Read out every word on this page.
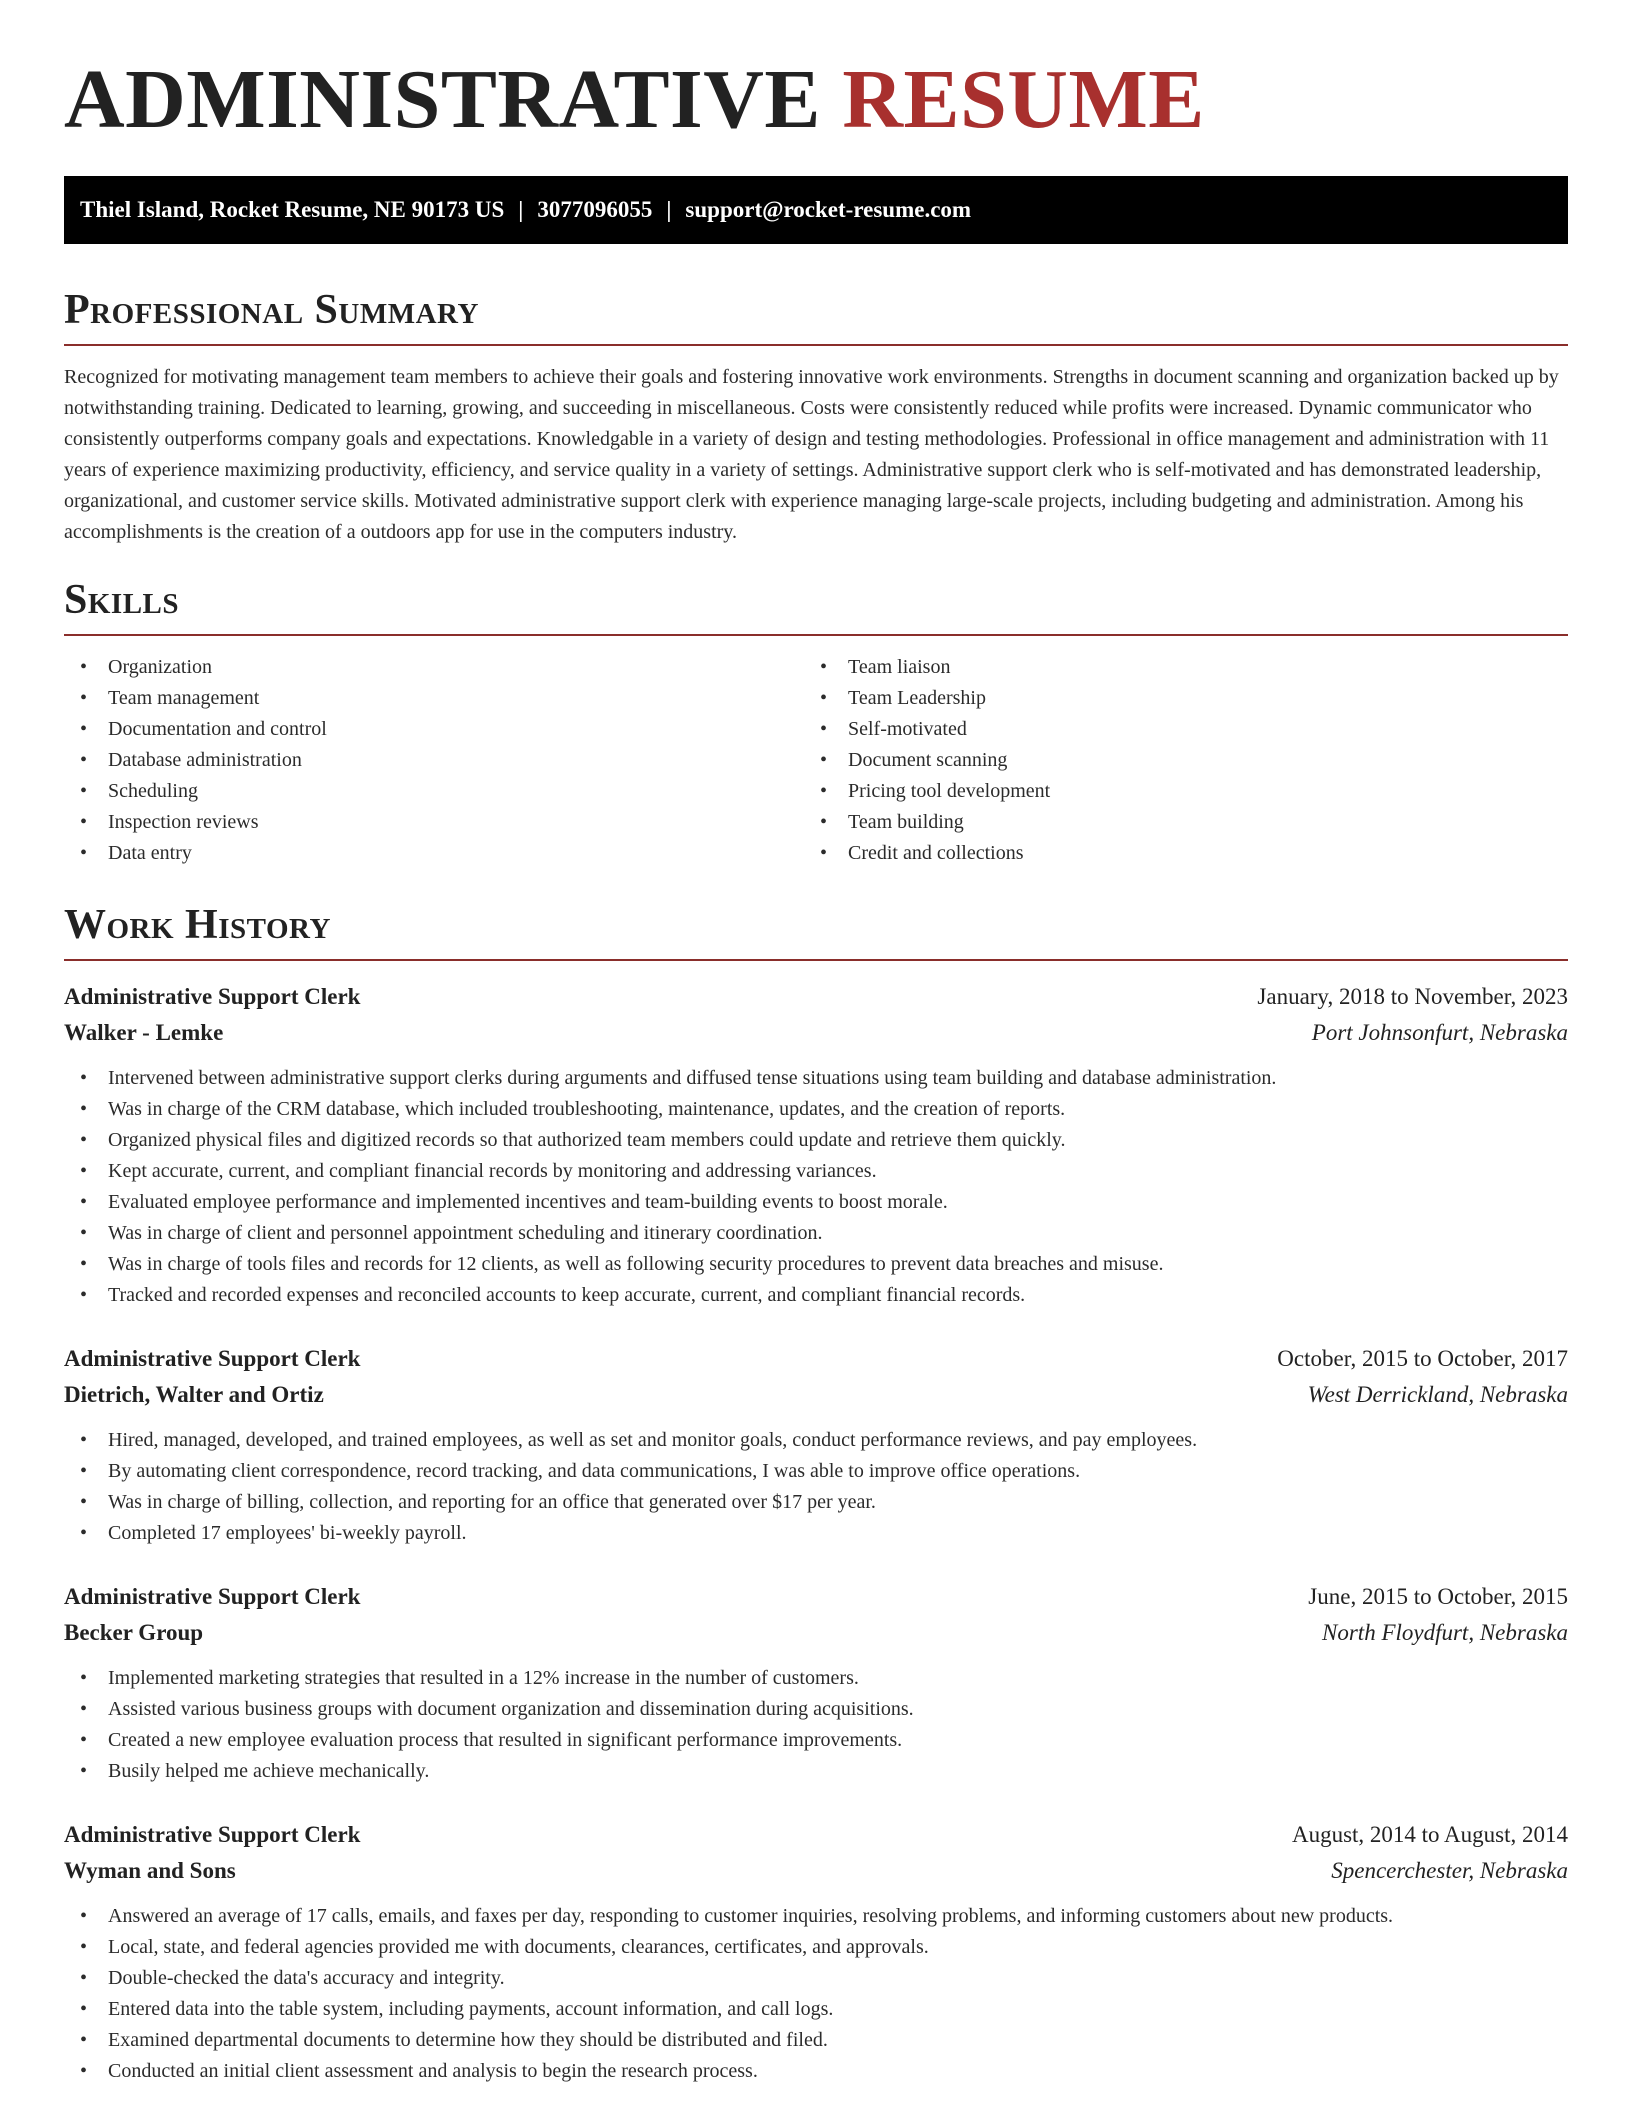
ADMINISTRATIVE RESUME
Thiel Island, Rocket Resume, NE 90173 US | 3077096055 | support@rocket-resume.com
Professional Summary

Recognized for motivating management team members to achieve their goals and fostering innovative work environments. Strengths in document scanning and organization backed up by notwithstanding training. Dedicated to learning, growing, and succeeding in miscellaneous. Costs were consistently reduced while profits were increased. Dynamic communicator who consistently outperforms company goals and expectations. Knowledgable in a variety of design and testing methodologies. Professional in office management and administration with 11 years of experience maximizing productivity, efficiency, and service quality in a variety of settings. Administrative support clerk who is self-motivated and has demonstrated leadership, organizational, and customer service skills. Motivated administrative support clerk with experience managing large-scale projects, including budgeting and administration. Among his accomplishments is the creation of a outdoors app for use in the computers industry.

Skills
• Organization
• Team management
• Documentation and control
• Database administration
• Scheduling
• Inspection reviews
• Data entry
• Team liaison
• Team Leadership
• Self-motivated
• Document scanning
• Pricing tool development
• Team building
• Credit and collections
Work History
Administrative Support Clerk	January, 2018 to November, 2023
Walker - Lemke	Port Johnsonfurt, Nebraska
• Intervened between administrative support clerks during arguments and diffused tense situations using team building and database administration.
• Was in charge of the CRM database, which included troubleshooting, maintenance, updates, and the creation of reports.
• Organized physical files and digitized records so that authorized team members could update and retrieve them quickly.
• Kept accurate, current, and compliant financial records by monitoring and addressing variances.
• Evaluated employee performance and implemented incentives and team-building events to boost morale.
• Was in charge of client and personnel appointment scheduling and itinerary coordination.
• Was in charge of tools files and records for 12 clients, as well as following security procedures to prevent data breaches and misuse.
• Tracked and recorded expenses and reconciled accounts to keep accurate, current, and compliant financial records.
Administrative Support Clerk	October, 2015 to October, 2017
Dietrich, Walter and Ortiz	West Derrickland, Nebraska
• Hired, managed, developed, and trained employees, as well as set and monitor goals, conduct performance reviews, and pay employees.
• By automating client correspondence, record tracking, and data communications, I was able to improve office operations.
• Was in charge of billing, collection, and reporting for an office that generated over $17 per year.
• Completed 17 employees' bi-weekly payroll.
Administrative Support Clerk	June, 2015 to October, 2015
Becker Group	North Floydfurt, Nebraska
• Implemented marketing strategies that resulted in a 12% increase in the number of customers.
• Assisted various business groups with document organization and dissemination during acquisitions.
• Created a new employee evaluation process that resulted in significant performance improvements.
• Busily helped me achieve mechanically.
Administrative Support Clerk	August, 2014 to August, 2014
Wyman and Sons	Spencerchester, Nebraska
• Answered an average of 17 calls, emails, and faxes per day, responding to customer inquiries, resolving problems, and informing customers about new products.
• Local, state, and federal agencies provided me with documents, clearances, certificates, and approvals.
• Double-checked the data's accuracy and integrity.
• Entered data into the table system, including payments, account information, and call logs.
• Examined departmental documents to determine how they should be distributed and filed.
• Conducted an initial client assessment and analysis to begin the research process.
